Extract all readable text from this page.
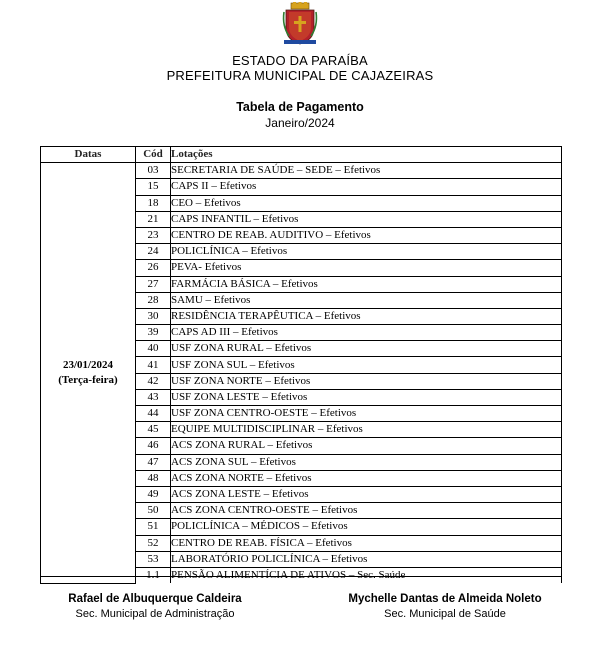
ESTADO DA PARAÍBA
PREFEITURA MUNICIPAL DE CAJAZEIRAS
Tabela de Pagamento
Janeiro/2024
Datas	Cód	Lotações

23/01/2024
(Terça-feira)	03	SECRETARIA DE SAÚDE – SEDE – Efetivos
	15	CAPS II – Efetivos
	18	CEO – Efetivos
	21	CAPS INFANTIL – Efetivos
	23	CENTRO DE REAB. AUDITIVO – Efetivos
	24	POLICLÍNICA – Efetivos
	26	PEVA- Efetivos
	27	FARMÁCIA BÁSICA – Efetivos
	28	SAMU – Efetivos
	30	RESIDÊNCIA TERAPÊUTICA – Efetivos
	39	CAPS AD III – Efetivos
	40	USF ZONA RURAL – Efetivos
	41	USF ZONA SUL – Efetivos
	42	USF ZONA NORTE – Efetivos
	43	USF ZONA LESTE – Efetivos
	44	USF ZONA CENTRO-OESTE – Efetivos
	45	EQUIPE MULTIDISCIPLINAR – Efetivos
	46	ACS ZONA RURAL – Efetivos
	47	ACS ZONA SUL – Efetivos
	48	ACS ZONA NORTE – Efetivos
	49	ACS ZONA LESTE – Efetivos
	50	ACS ZONA CENTRO-OESTE – Efetivos
	51	POLICLÍNICA – MÉDICOS – Efetivos
	52	CENTRO DE REAB. FÍSICA – Efetivos
	53	LABORATÓRIO POLICLÍNICA – Efetivos
	1.1	PENSÃO ALIMENTÍCIA DE ATIVOS – Sec. Saúde
Rafael de Albuquerque Caldeira
Sec. Municipal de Administração
Mychelle Dantas de Almeida Noleto
Sec. Municipal de Saúde
